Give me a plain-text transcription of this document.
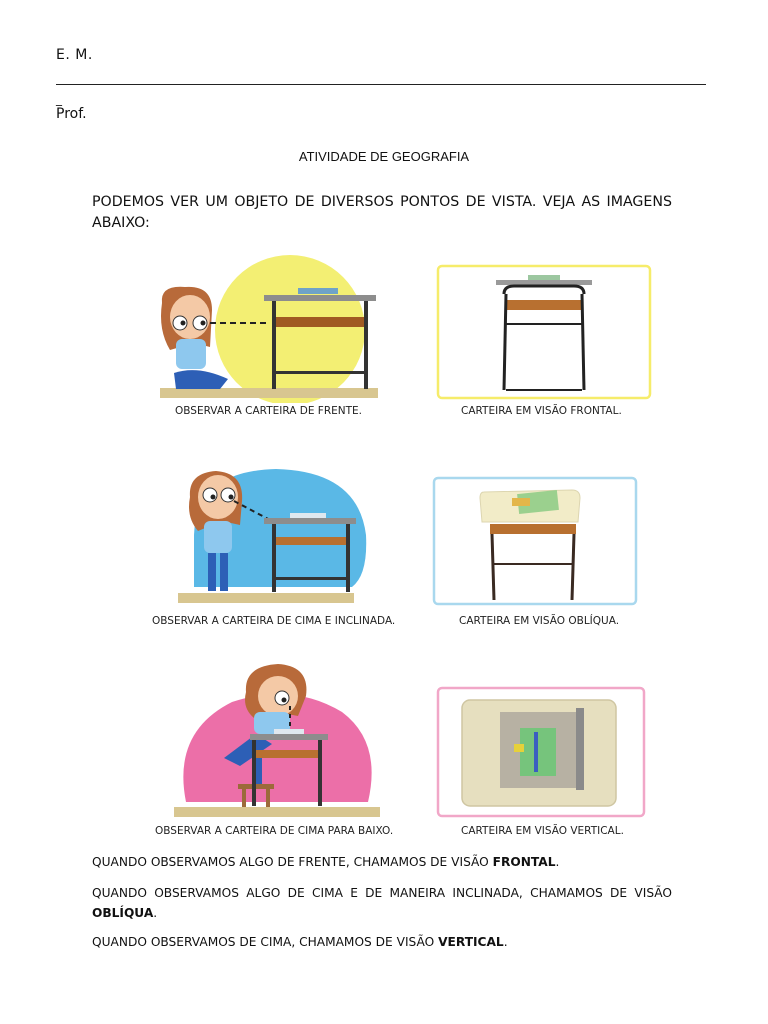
E. M.
_
Prof.
ATIVIDADE DE GEOGRAFIA
PODEMOS VER UM OBJETO DE DIVERSOS PONTOS DE VISTA. VEJA AS IMAGENS
ABAIXO:
OBSERVAR A CARTEIRA DE FRENTE.	CARTEIRA EM VISÃO FRONTAL.
OBSERVAR A CARTEIRA DE CIMA E INCLINADA.	CARTEIRA EM VISÃO OBLÍQUA.
OBSERVAR A CARTEIRA DE CIMA PARA BAIXO.	CARTEIRA EM VISÃO VERTICAL.
QUANDO OBSERVAMOS ALGO DE FRENTE, CHAMAMOS DE VISÃO FRONTAL.
QUANDO OBSERVAMOS ALGO DE CIMA E DE MANEIRA INCLINADA, CHAMAMOS DE VISÃO
OBLÍQUA.
QUANDO OBSERVAMOS DE CIMA, CHAMAMOS DE VISÃO VERTICAL.
